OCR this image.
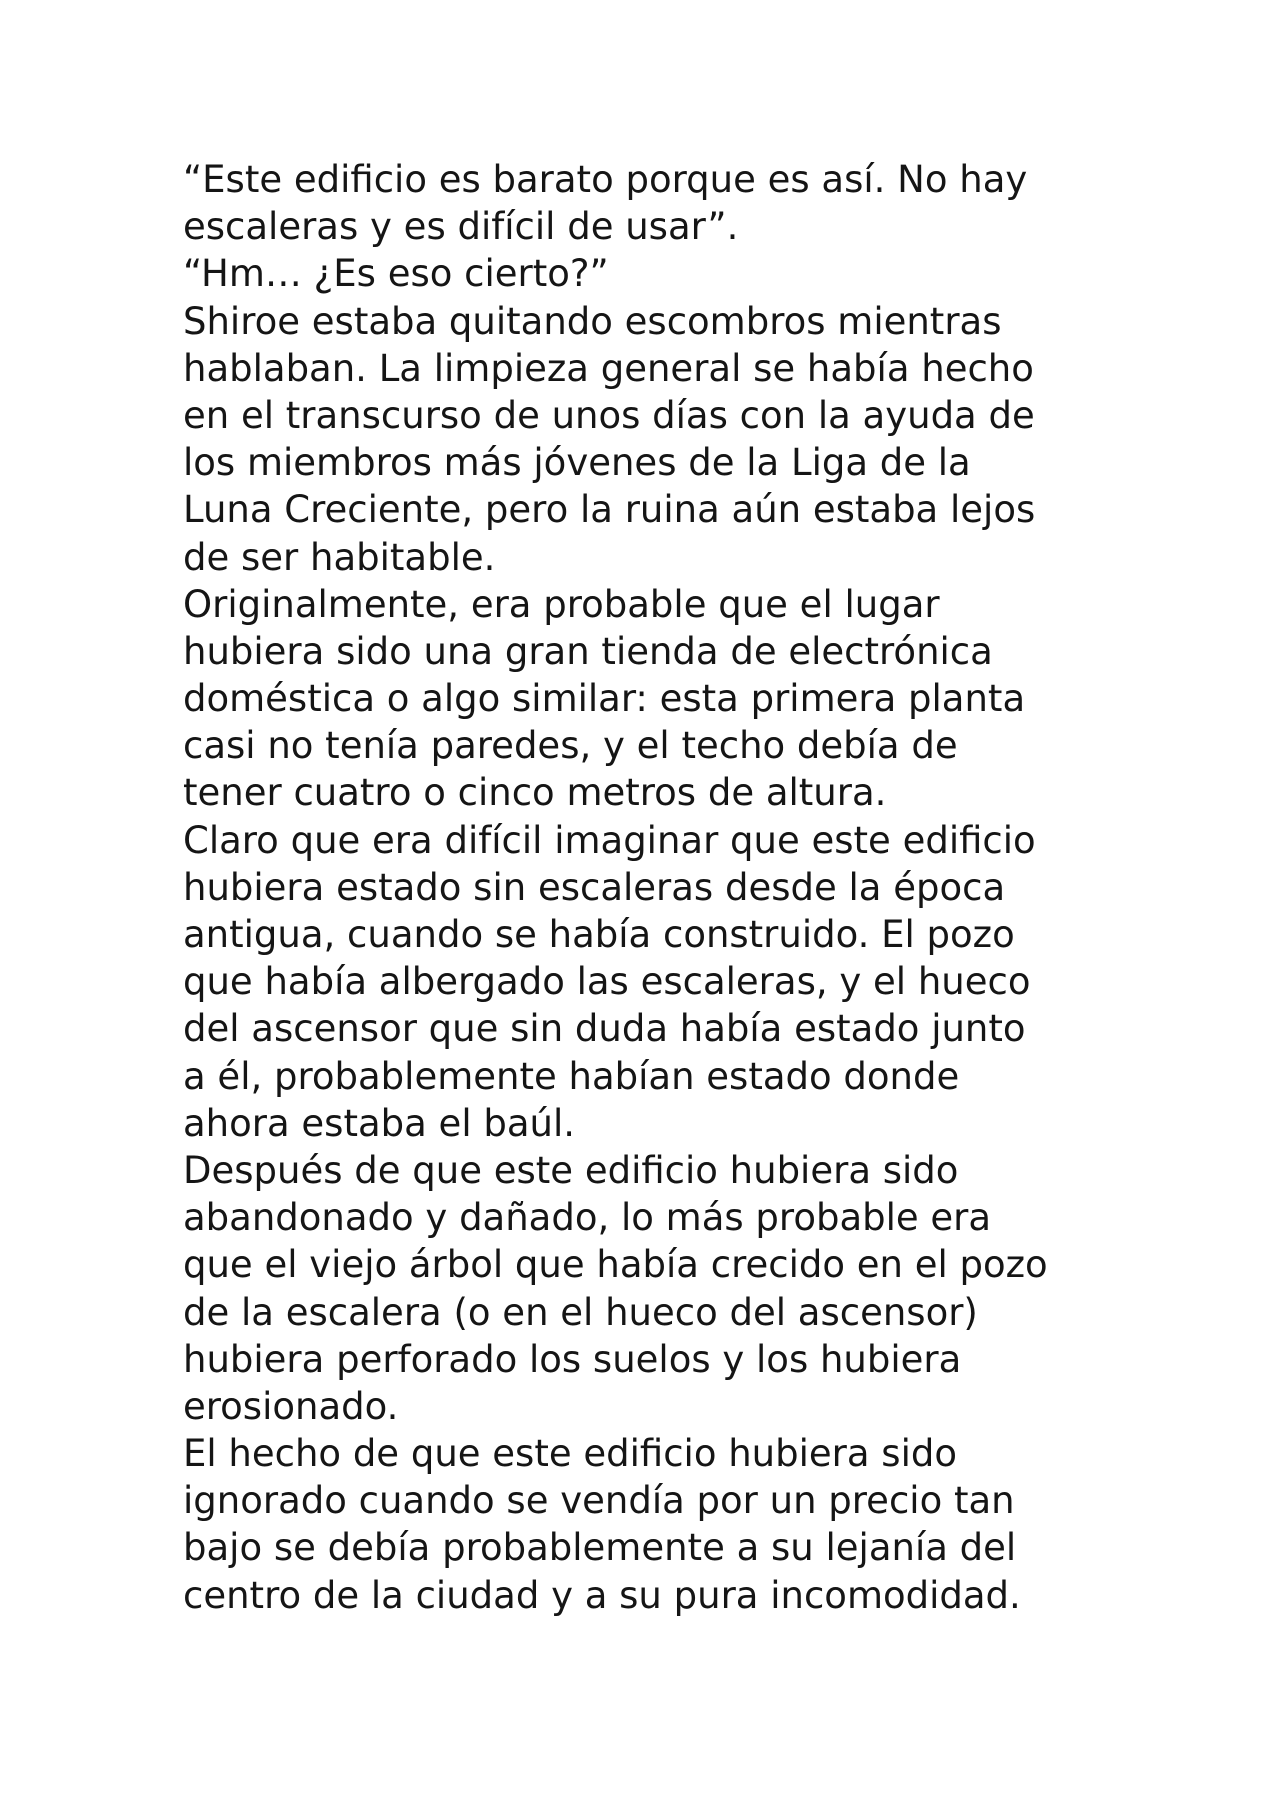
“Este edificio es barato porque es así. No hay
escaleras y es difícil de usar”.
“Hm… ¿Es eso cierto?”
Shiroe estaba quitando escombros mientras
hablaban. La limpieza general se había hecho
en el transcurso de unos días con la ayuda de
los miembros más jóvenes de la Liga de la
Luna Creciente, pero la ruina aún estaba lejos
de ser habitable.
Originalmente, era probable que el lugar
hubiera sido una gran tienda de electrónica
doméstica o algo similar: esta primera planta
casi no tenía paredes, y el techo debía de
tener cuatro o cinco metros de altura.
Claro que era difícil imaginar que este edificio
hubiera estado sin escaleras desde la época
antigua, cuando se había construido. El pozo
que había albergado las escaleras, y el hueco
del ascensor que sin duda había estado junto
a él, probablemente habían estado donde
ahora estaba el baúl.
Después de que este edificio hubiera sido
abandonado y dañado, lo más probable era
que el viejo árbol que había crecido en el pozo
de la escalera (o en el hueco del ascensor)
hubiera perforado los suelos y los hubiera
erosionado.
El hecho de que este edificio hubiera sido
ignorado cuando se vendía por un precio tan
bajo se debía probablemente a su lejanía del
centro de la ciudad y a su pura incomodidad.
